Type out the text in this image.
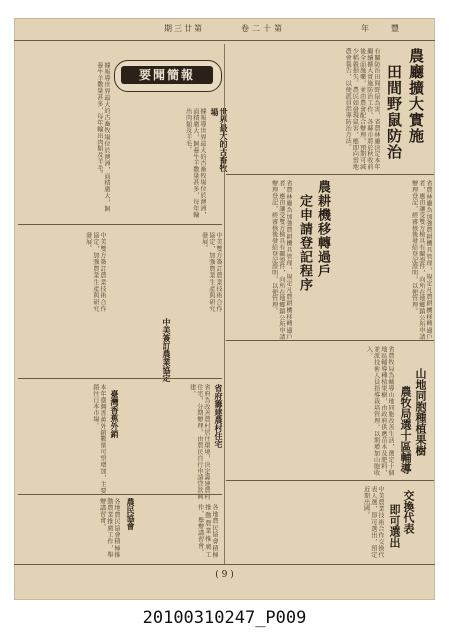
期三廿第	卷二十第	年　　豐
農廳擴大實施
田間野鼠防治
有關防治田間野鼠為害，省農林廳決定本年繼續擴大實施防治工作。各縣市將於秋收前後全面施藥，並由農會配合辦理，預期可減少稻穀損失。農民如發現鼠害，應即向當地農會報告，以便派員指導防治方法。
農耕機移轉過戶
定申請登記程序	省農林廳為加強農耕機具管理，規定凡農耕機移轉過戶者，應由讓受雙方檢具有關證件，向所在地鄉鎮公所申請辦理登記，經審核後發給登記證明，以便管理。
省農林廳為加強農耕機具管理，規定凡農耕機移轉過戶者，應由讓受雙方檢具有關證件，向所在地鄉鎮公所申請辦理登記，經審核後發給登記證明，以便管理。
山地同胞種植果樹
農牧局選十區輔導
省農牧局為輔導山地同胞改善生活，選定十個地區輔導種植果樹，由政府供應苗木及肥料，並派技術人員指導栽培管理，以期增加山胞收入。
交換代表
即可選出
中美農業技術合作交換代表人選，即可選出，預定近期出國。
要聞簡報
世界最大的古畜牧場
據報導世界最大的古畜牧場位於澳洲，面積廣大，飼養牛羊數量甚多，每年輸出肉類及羊毛。
據報導世界最大的古畜牧場位於澳洲，面積廣大，飼養牛羊數量甚多，每年輸出肉類及羊毛。
中美簽訂農業協定
中美雙方簽訂農業技術合作協定，加強農業生產與研究發展。
中美雙方簽訂農業技術合作協定，加強農業生產與研究發展。
省府籌建農村住宅
省府為改善農村居住環境，決定籌建農村住宅，分期辦理，由農民自行申請貸款興建。
臺灣香蕉外銷
本年臺灣香蕉外銷數量可望增加，主要銷往日本市場。
農民協會
各地農民協會積極推動農業推廣工作，舉辦講習會。	各地農民協會積極推動農業推廣工作，舉辦講習會。
( 9 )
20100310247_P009
